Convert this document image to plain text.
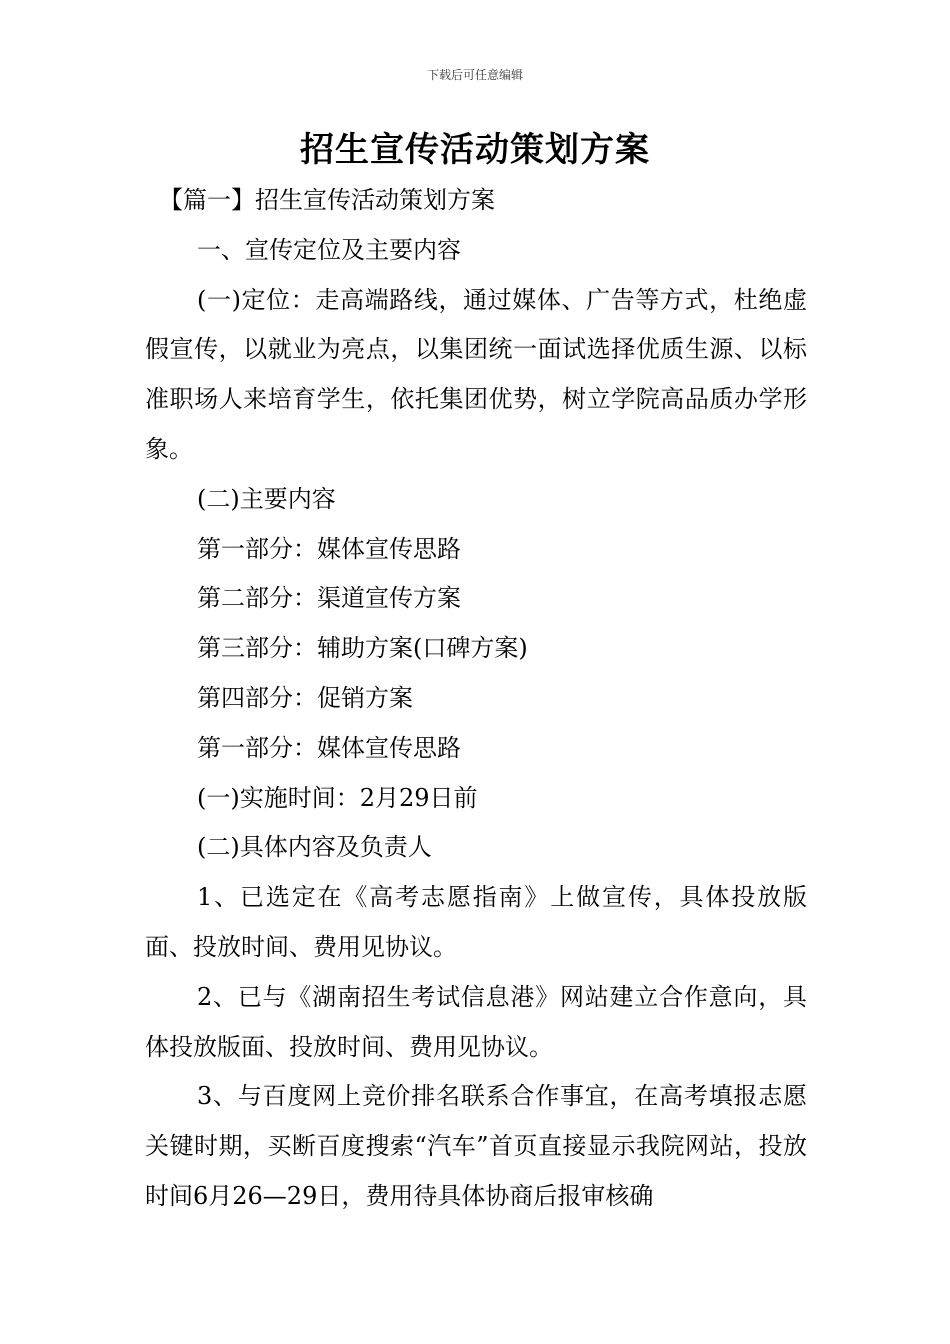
下载后可任意编辑
招生宣传活动策划方案

【篇一】招生宣传活动策划方案

一、宣传定位及主要内容

(一)定位：走高端路线，通过媒体、广告等方式，杜绝虚假宣传，以就业为亮点，以集团统一面试选择优质生源、以标准职场人来培育学生，依托集团优势，树立学院高品质办学形象。

(二)主要内容

第一部分：媒体宣传思路

第二部分：渠道宣传方案

第三部分：辅助方案(口碑方案)

第四部分：促销方案

第一部分：媒体宣传思路

(一)实施时间：2月29日前

(二)具体内容及负责人

1、已选定在《高考志愿指南》上做宣传，具体投放版面、投放时间、费用见协议。

2、已与《湖南招生考试信息港》网站建立合作意向，具体投放版面、投放时间、费用见协议。

3、与百度网上竞价排名联系合作事宜，在高考填报志愿关键时期，买断百度搜索“汽车”首页直接显示我院网站，投放时间6月26—29日，费用待具体协商后报审核确
